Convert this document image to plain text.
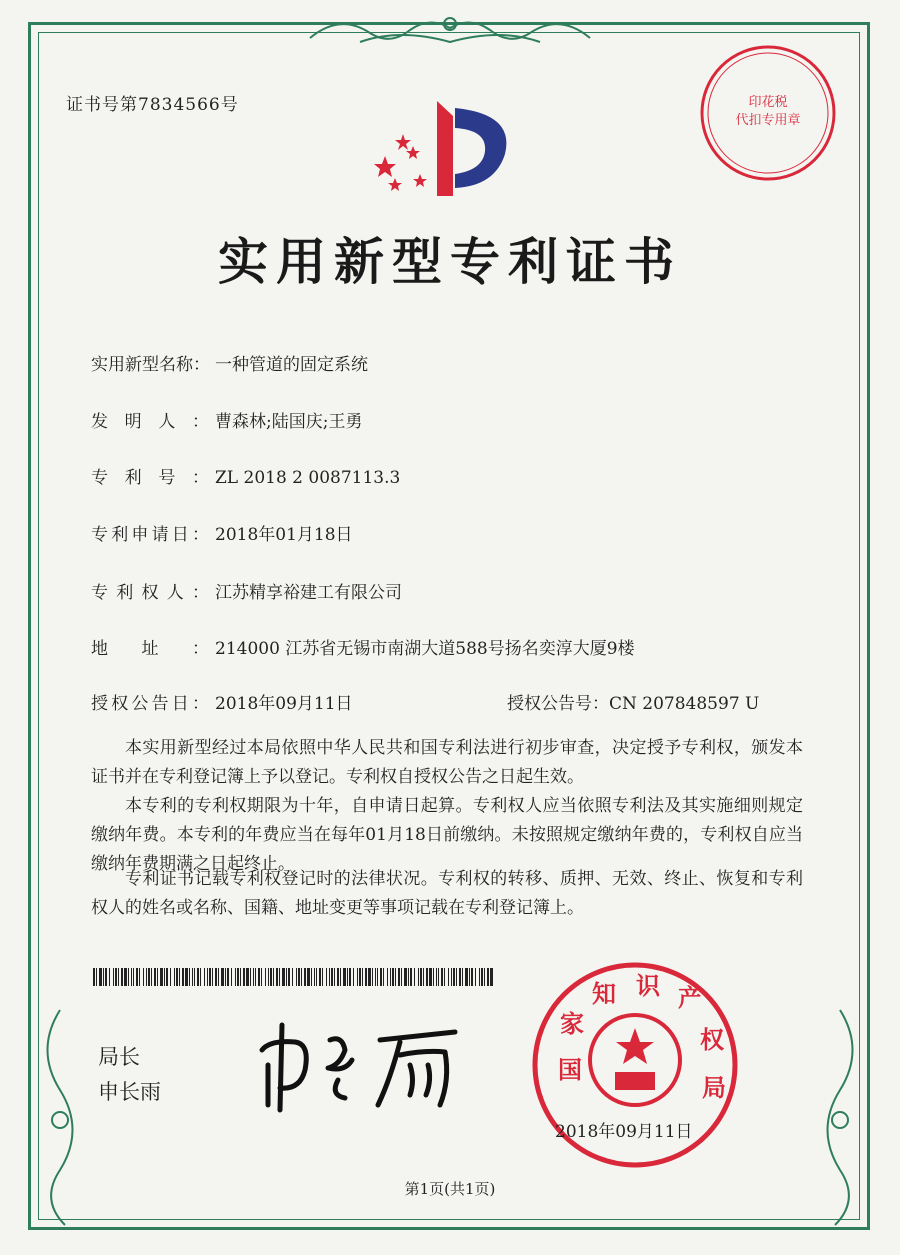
证书号第7834566号	印花税
代扣专用章
实用新型专利证书
实用新型名称： 一种管道的固定系统
发明人： 曹森林;陆国庆;王勇
专利号： ZL 2018 2 0087113.3
专利申请日： 2018年01月18日
专利权人： 江苏精享裕建工有限公司
地址： 214000 江苏省无锡市南湖大道588号扬名奕淳大厦9楼
授权公告日： 2018年09月11日	授权公告号：CN 207848597 U
本实用新型经过本局依照中华人民共和国专利法进行初步审查，决定授予专利权，颁发本证书并在专利登记簿上予以登记。专利权自授权公告之日起生效。
本专利的专利权期限为十年，自申请日起算。专利权人应当依照专利法及其实施细则规定缴纳年费。本专利的年费应当在每年01月18日前缴纳。未按照规定缴纳年费的，专利权自应当缴纳年费期满之日起终止。
专利证书记载专利权登记时的法律状况。专利权的转移、质押、无效、终止、恢复和专利权人的姓名或名称、国籍、地址变更等事项记载在专利登记簿上。
局长
申长雨
国
家
知 识 产
权
局
2018年09月11日
第1页(共1页)
